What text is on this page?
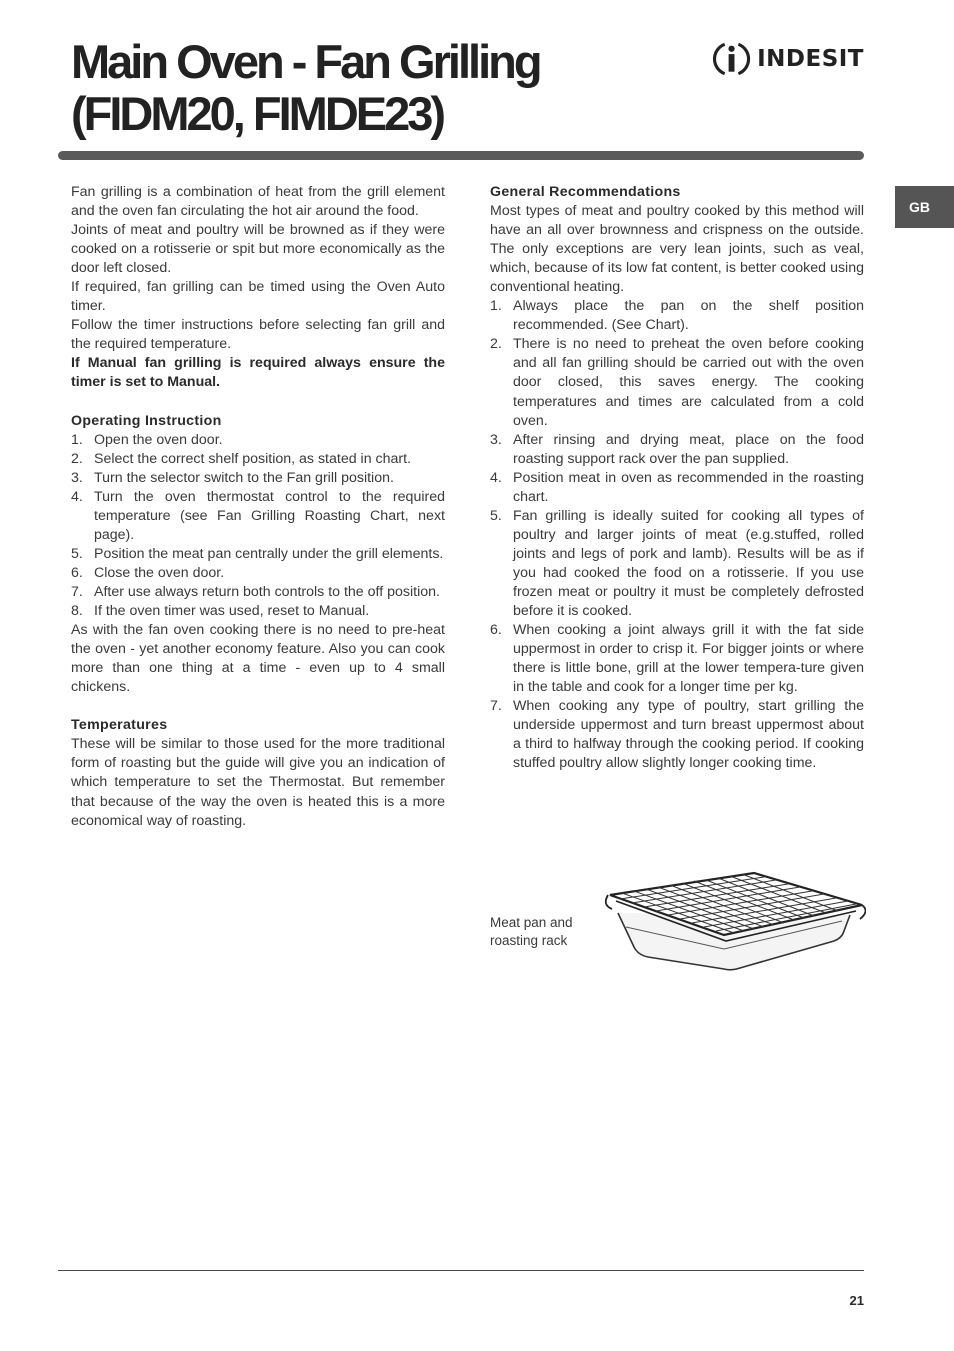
Main Oven - Fan Grilling
(FIDM20, FIMDE23)
INDESIT
GB

Fan grilling is a combination of heat from the grill element and the oven fan circulating the hot air around the food.

Joints of meat and poultry will be browned as if they were cooked on a rotisserie or spit but more economically as the door left closed.

If required, fan grilling can be timed using the Oven Auto timer.

Follow the timer instructions before selecting fan grill and the required temperature.

If Manual fan grilling is required always ensure the timer is set to Manual.

Operating Instruction
1. Open the oven door.
2. Select the correct shelf position, as stated in chart.
3. Turn the selector switch to the Fan grill position.
4. Turn the oven thermostat control to the required temperature (see Fan Grilling Roasting Chart, next page).
5. Position the meat pan centrally under the grill elements.
6. Close the oven door.
7. After use always return both controls to the off position.
8. If the oven timer was used, reset to Manual.

As with the fan oven cooking there is no need to pre-heat the oven - yet another economy feature. Also you can cook more than one thing at a time - even up to 4 small chickens.

Temperatures

These will be similar to those used for the more traditional form of roasting but the guide will give you an indication of which temperature to set the Thermostat. But remember that because of the way the oven is heated this is a more economical way of roasting.

General Recommendations

Most types of meat and poultry cooked by this method will have an all over brownness and crispness on the outside. The only exceptions are very lean joints, such as veal, which, because of its low fat content, is better cooked using conventional heating.

1. Always place the pan on the shelf position recommended. (See Chart).
2. There is no need to preheat the oven before cooking and all fan grilling should be carried out with the oven door closed, this saves energy. The cooking temperatures and times are calculated from a cold oven.
3. After rinsing and drying meat, place on the food roasting support rack over the pan supplied.
4. Position meat in oven as recommended in the roasting chart.
5. Fan grilling is ideally suited for cooking all types of poultry and larger joints of meat (e.g.stuffed, rolled joints and legs of pork and lamb). Results will be as if you had cooked the food on a rotisserie. If you use frozen meat or poultry it must be completely defrosted before it is cooked.
6. When cooking a joint always grill it with the fat side uppermost in order to crisp it. For bigger joints or where there is little bone, grill at the lower tempera-ture given in the table and cook for a longer time per kg.
7. When cooking any type of poultry, start grilling the underside uppermost and turn breast uppermost about a third to halfway through the cooking period. If cooking stuffed poultry allow slightly longer cooking time.
Meat pan and roasting rack
21
